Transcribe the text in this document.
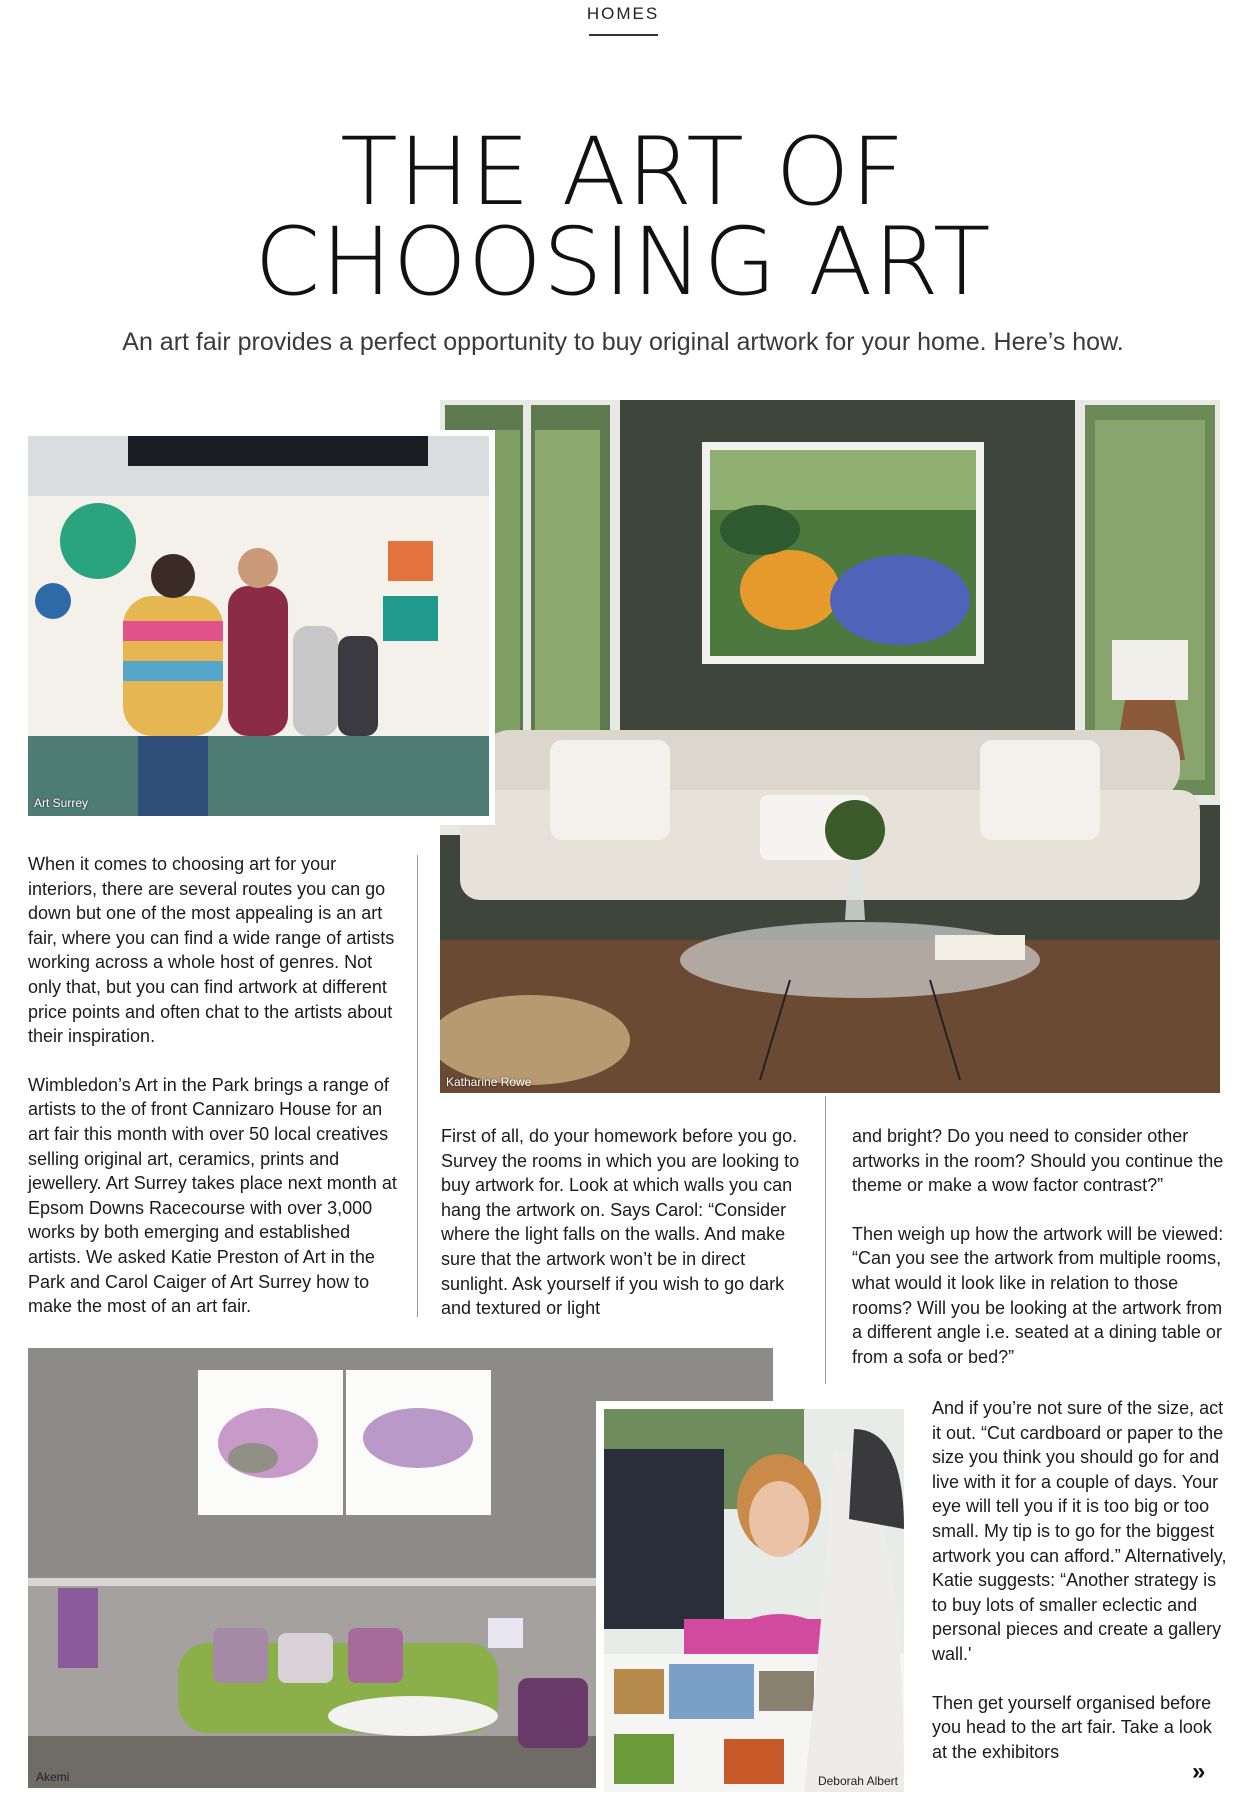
HOMES
THE ART OF
CHOOSING ART
An art fair provides a perfect opportunity to buy original artwork for your home. Here’s how.
Katharine Rowe
Art Surrey

When it comes to choosing art for your interiors, there are several routes you can go down but one of the most appealing is an art fair, where you can find a wide range of artists working across a whole host of genres. Not only that, but you can find artwork at different price points and often chat to the artists about their inspiration.

Wimbledon’s Art in the Park brings a range of artists to the of front Cannizaro House for an art fair this month with over 50 local creatives selling original art, ceramics, prints and jewellery. Art Surrey takes place next month at Epsom Downs Racecourse with over 3,000 works by both emerging and established artists. We asked Katie Preston of Art in the Park and Carol Caiger of Art Surrey how to make the most of an art fair.

First of all, do your homework before you go. Survey the rooms in which you are looking to buy artwork for. Look at which walls you can hang the artwork on. Says Carol: “Consider where the light falls on the walls. And make sure that the artwork won’t be in direct sunlight. Ask yourself if you wish to go dark and textured or light

and bright? Do you need to consider other artworks in the room? Should you continue the theme or make a wow factor contrast?”

Then weigh up how the artwork will be viewed: “Can you see the artwork from multiple rooms, what would it look like in relation to those rooms? Will you be looking at the artwork from a different angle i.e. seated at a dining table or from a sofa or bed?”

And if you’re not sure of the size, act it out. “Cut cardboard or paper to the size you think you should go for and live with it for a couple of days. Your eye will tell you if it is too big or too small. My tip is to go for the biggest artwork you can afford.” Alternatively, Katie suggests: “Another strategy is to buy lots of smaller eclectic and personal pieces and create a gallery wall.'

Then get yourself organised before you head to the art fair. Take a look at the exhibitors

»
Akemi	Deborah Albert
